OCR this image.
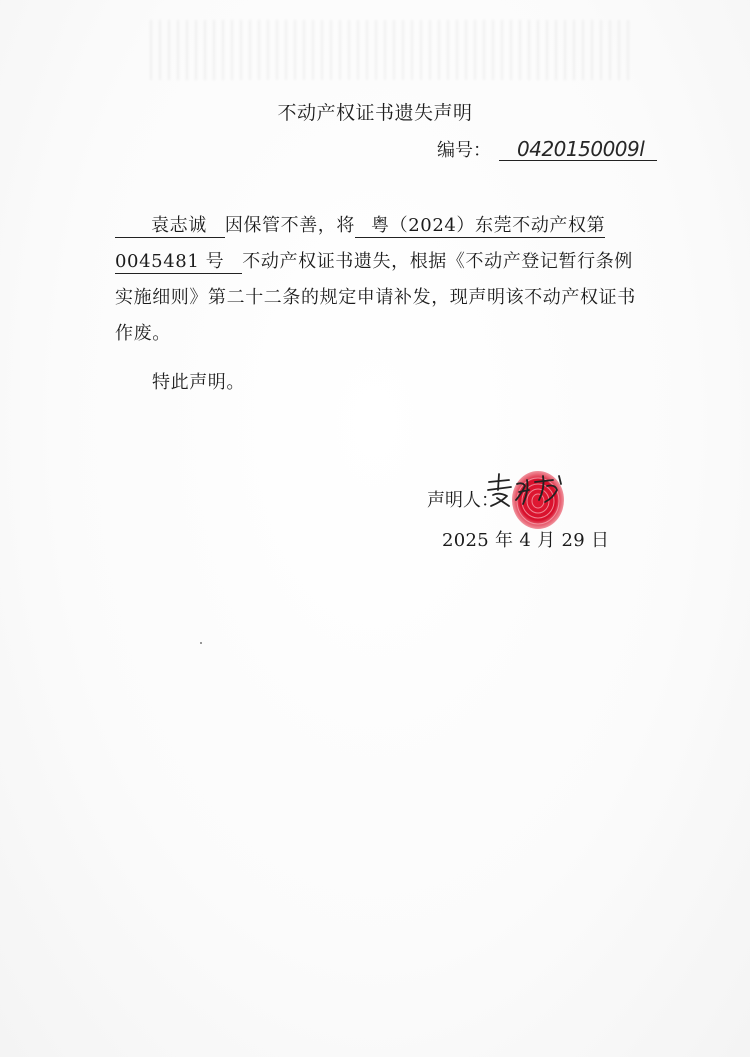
不动产权证书遗失声明
编号： 0420150009l
袁志诚 因保管不善，将 粤（2024）东莞不动产权第 0045481 号 不动产权证书遗失，根据《不动产登记暂行条例实施细则》第二十二条的规定申请补发，现声明该不动产权证书作废。
特此声明。
声明人：
2025 年 4 月 29 日
